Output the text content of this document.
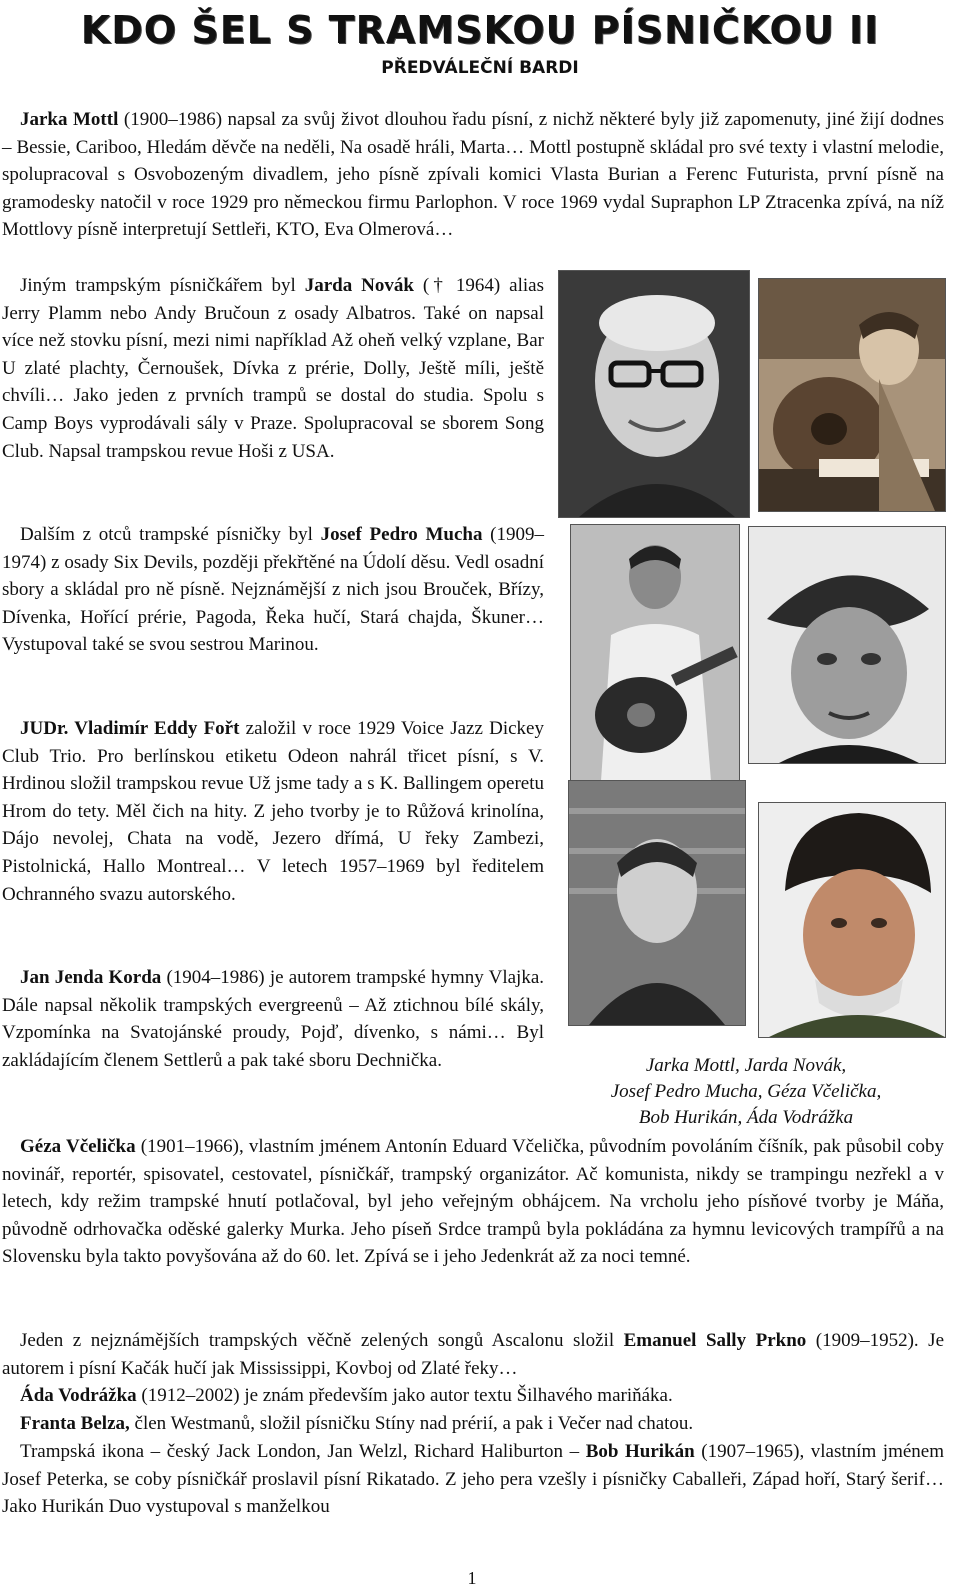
KDO ŠEL S TRAMSKOU PÍSNIČKOU II
PŘEDVÁLEČNÍ BARDI

Jarka Mottl (1900–1986) napsal za svůj život dlouhou řadu písní, z nichž některé byly již zapomenuty, jiné žijí dodnes – Bessie, Cariboo, Hledám děvče na neděli, Na osadě hráli, Marta… Mottl postupně skládal pro své texty i vlastní melodie, spolupracoval s Osvobozeným divadlem, jeho písně zpívali komici Vlasta Burian a Ferenc Futurista, první písně na gramodesky natočil v roce 1929 pro německou firmu Parlophon. V roce 1969 vydal Supraphon LP Ztracenka zpívá, na níž Mottlovy písně interpretují Settleři, KTO, Eva Olmerová…

Jiným trampským písničkářem byl Jarda Novák († 1964) alias Jerry Plamm nebo Andy Bručoun z osady Albatros. Také on napsal více než stovku písní, mezi nimi například Až oheň velký vzplane, Bar U zlaté plachty, Černoušek, Dívka z prérie, Dolly, Ještě míli, ještě chvíli… Jako jeden z prvních trampů se dostal do studia. Spolu s Camp Boys vyprodávali sály v Praze. Spolupracoval se sborem Song Club. Napsal trampskou revue Hoši z USA.

Dalším z otců trampské písničky byl Josef Pedro Mucha (1909–1974) z osady Six Devils, později překřtěné na Údolí děsu. Vedl osadní sbory a skládal pro ně písně. Nejznámější z nich jsou Brouček, Břízy, Dívenka, Hořící prérie, Pagoda, Řeka hučí, Stará chajda, Škuner… Vystupoval také se svou sestrou Marinou.

JUDr. Vladimír Eddy Fořt založil v roce 1929 Voice Jazz Dickey Club Trio. Pro berlínskou etiketu Odeon nahrál třicet písní, s V. Hrdinou složil trampskou revue Už jsme tady a s K. Ballingem operetu Hrom do tety. Měl čich na hity. Z jeho tvorby je to Růžová krinolína, Dájo nevolej, Chata na vodě, Jezero dřímá, U řeky Zambezi, Pistolnická, Hallo Montreal… V letech 1957–1969 byl ředitelem Ochranného svazu autorského.

Jan Jenda Korda (1904–1986) je autorem trampské hymny Vlajka. Dále napsal několik trampských evergreenů – Až ztichnou bílé skály, Vzpomínka na Svatojánské proudy, Pojď, dívenko, s námi… Byl zakládajícím členem Settlerů a pak také sboru Dechnička.

Géza Včelička (1901–1966), vlastním jménem Antonín Eduard Včelička, původním povoláním číšník, pak působil coby novinář, reportér, spisovatel, cestovatel, písničkář, trampský organizátor. Ač komunista, nikdy se trampingu nezřekl a v letech, kdy režim trampské hnutí potlačoval, byl jeho veřejným obhájcem. Na vrcholu jeho písňové tvorby je Máňa, původně odrhovačka oděské galerky Murka. Jeho píseň Srdce trampů byla pokládána za hymnu levicových trampířů a na Slovensku byla takto povyšována až do 60. let. Zpívá se i jeho Jedenkrát až za noci temné.

Jeden z nejznámějších trampských věčně zelených songů Ascalonu složil Emanuel Sally Prkno (1909–1952). Je autorem i písní Kačák hučí jak Mississippi, Kovboj od Zlaté řeky…

Áda Vodrážka (1912–2002) je znám především jako autor textu Šilhavého mariňáka.

Franta Belza, člen Westmanů, složil písničku Stíny nad prérií, a pak i Večer nad chatou.

Trampská ikona – český Jack London, Jan Welzl, Richard Haliburton – Bob Hurikán (1907–1965), vlastním jménem Josef Peterka, se coby písničkář proslavil písní Rikatado. Z jeho pera vzešly i písničky Caballeři, Západ hoří, Starý šerif… Jako Hurikán Duo vystupoval s manželkou

Jarka Mottl, Jarda Novák,
Josef Pedro Mucha, Géza Včelička,
Bob Hurikán, Áda Vodrážka
1
